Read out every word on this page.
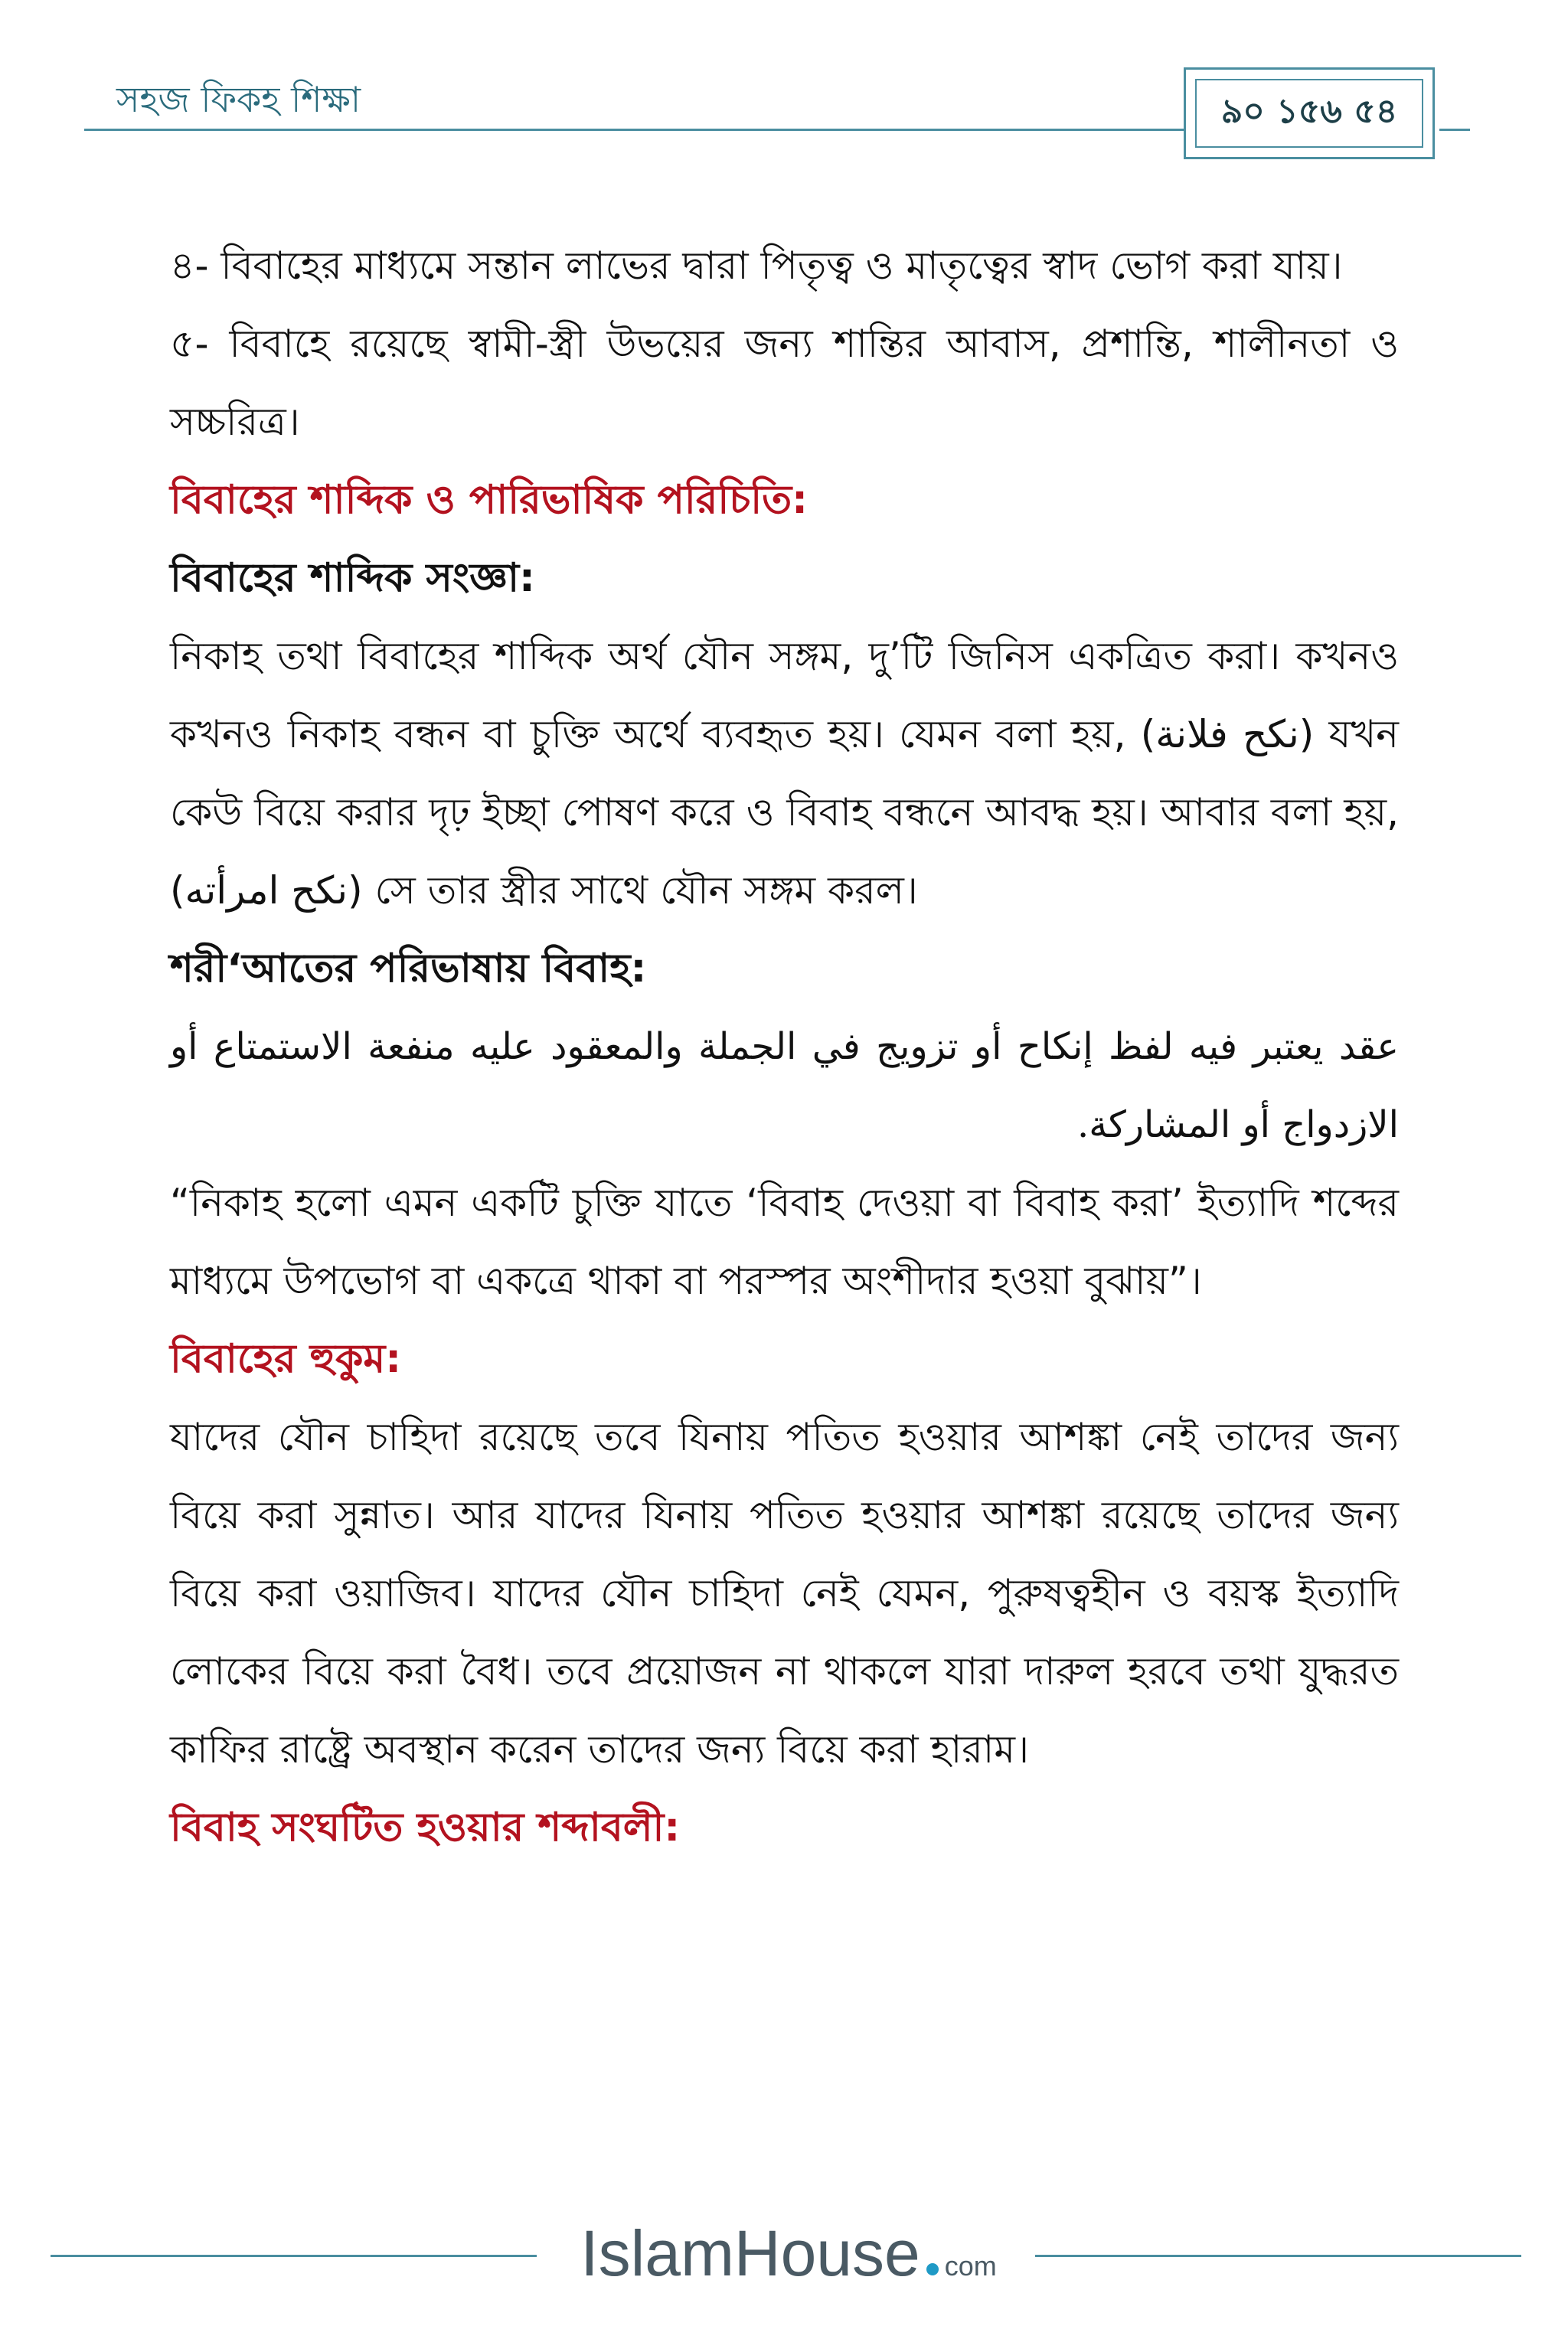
সহজ ফিকহ শিক্ষা	৯০ ১৫৬ ৫৪

৪- বিবাহের মাধ্যমে সন্তান লাভের দ্বারা পিতৃত্ব ও মাতৃত্বের স্বাদ ভোগ করা যায়।

৫- বিবাহে রয়েছে স্বামী-স্ত্রী উভয়ের জন্য শান্তির আবাস, প্রশান্তি, শালীনতা ও সচ্চরিত্র।

বিবাহের শাব্দিক ও পারিভাষিক পরিচিতি:

বিবাহের শাব্দিক সংজ্ঞা:

নিকাহ তথা বিবাহের শাব্দিক অর্থ যৌন সঙ্গম, দু’টি জিনিস একত্রিত করা। কখনও কখনও নিকাহ বন্ধন বা চুক্তি অর্থে ব্যবহৃত হয়। যেমন বলা হয়, (نكح فلانة) যখন কেউ বিয়ে করার দৃঢ় ইচ্ছা পোষণ করে ও বিবাহ বন্ধনে আবদ্ধ হয়। আবার বলা হয়, (نكح امرأته) সে তার স্ত্রীর সাথে যৌন সঙ্গম করল।

শরী‘আতের পরিভাষায় বিবাহ:

عقد يعتبر فيه لفظ إنكاح أو تزويج في الجملة والمعقود عليه منفعة الاستمتاع أو الازدواج أو المشاركة.

“নিকাহ হলো এমন একটি চুক্তি যাতে ‘বিবাহ দেওয়া বা বিবাহ করা’ ইত্যাদি শব্দের মাধ্যমে উপভোগ বা একত্রে থাকা বা পরস্পর অংশীদার হওয়া বুঝায়”।

বিবাহের হুকুম:

যাদের যৌন চাহিদা রয়েছে তবে যিনায় পতিত হওয়ার আশঙ্কা নেই তাদের জন্য বিয়ে করা সুন্নাত। আর যাদের যিনায় পতিত হওয়ার আশঙ্কা রয়েছে তাদের জন্য বিয়ে করা ওয়াজিব। যাদের যৌন চাহিদা নেই যেমন, পুরুষত্বহীন ও বয়স্ক ইত্যাদি লোকের বিয়ে করা বৈধ। তবে প্রয়োজন না থাকলে যারা দারুল হরবে তথা যুদ্ধরত কাফির রাষ্ট্রে অবস্থান করেন তাদের জন্য বিয়ে করা হারাম।

বিবাহ সংঘটিত হওয়ার শব্দাবলী:

IslamHouse com
